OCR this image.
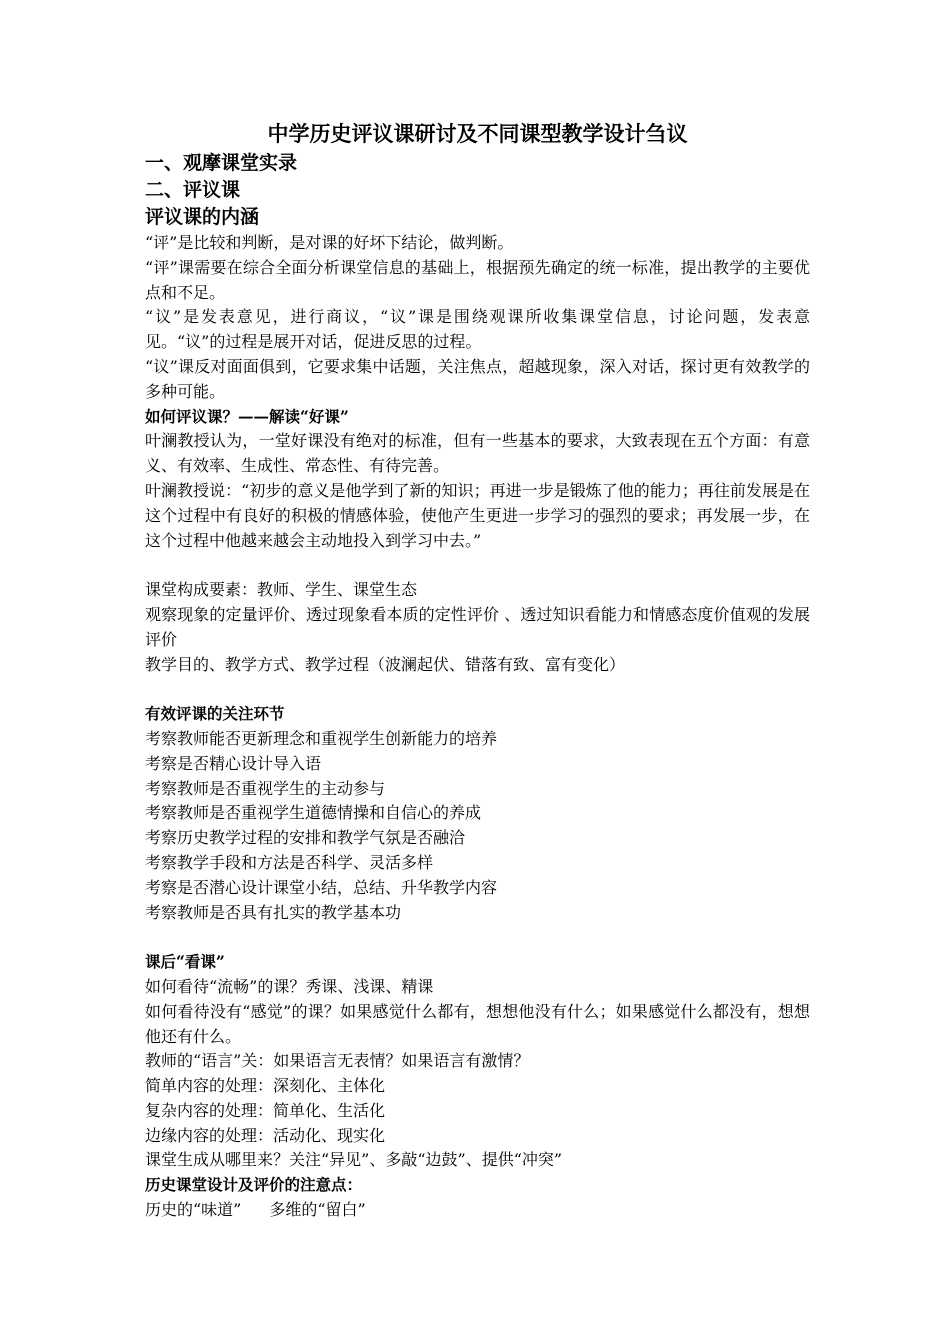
中学历史评议课研讨及不同课型教学设计刍议
一、观摩课堂实录
二、评议课
评议课的内涵
“评”是比较和判断，是对课的好坏下结论，做判断。
“评”课需要在综合全面分析课堂信息的基础上，根据预先确定的统一标准，提出教学的主要优点和不足。
“议”是发表意见，进行商议，“议”课是围绕观课所收集课堂信息，讨论问题，发表意见。“议”的过程是展开对话，促进反思的过程。
“议”课反对面面俱到，它要求集中话题，关注焦点，超越现象，深入对话，探讨更有效教学的多种可能。
如何评议课？——解读“好课”
叶澜教授认为，一堂好课没有绝对的标准，但有一些基本的要求，大致表现在五个方面：有意义、有效率、生成性、常态性、有待完善。
叶澜教授说：“初步的意义是他学到了新的知识；再进一步是锻炼了他的能力；再往前发展是在这个过程中有良好的积极的情感体验，使他产生更进一步学习的强烈的要求；再发展一步，在这个过程中他越来越会主动地投入到学习中去。”
课堂构成要素：教师、学生、课堂生态
观察现象的定量评价、透过现象看本质的定性评价 、透过知识看能力和情感态度价值观的发展评价
教学目的、教学方式、教学过程（波澜起伏、错落有致、富有变化）
有效评课的关注环节
考察教师能否更新理念和重视学生创新能力的培养
考察是否精心设计导入语
考察教师是否重视学生的主动参与
考察教师是否重视学生道德情操和自信心的养成
考察历史教学过程的安排和教学气氛是否融洽
考察教学手段和方法是否科学、灵活多样
考察是否潜心设计课堂小结，总结、升华教学内容
考察教师是否具有扎实的教学基本功
课后“看课”
如何看待“流畅”的课？秀课、浅课、精课
如何看待没有“感觉”的课？如果感觉什么都有，想想他没有什么；如果感觉什么都没有，想想他还有什么。
教师的“语言”关：如果语言无表情？如果语言有激情？
简单内容的处理：深刻化、主体化
复杂内容的处理：简单化、生活化
边缘内容的处理：活动化、现实化
课堂生成从哪里来？关注“异见”、多敲“边鼓”、提供“冲突”
历史课堂设计及评价的注意点：
历史的“味道” 多维的“留白”
